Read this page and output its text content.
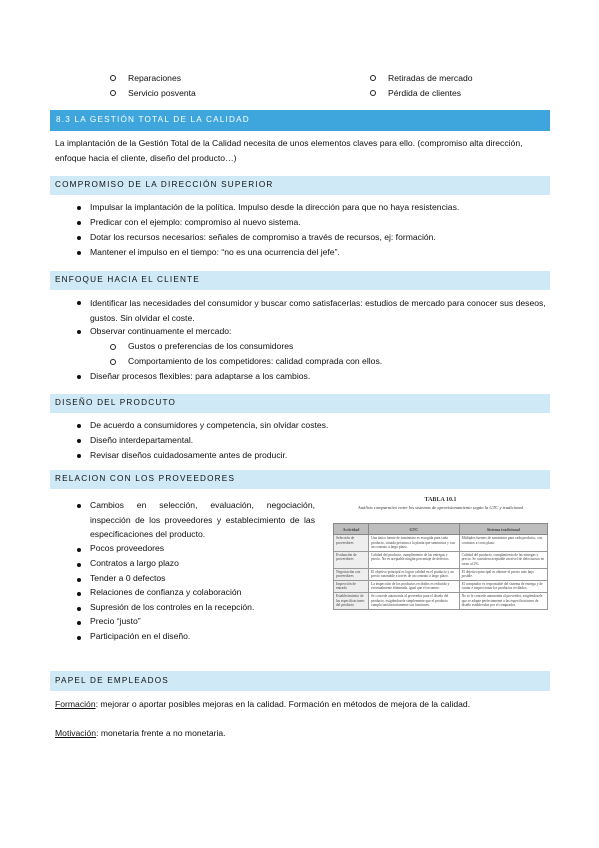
Reparaciones
Servicio posventa
Retiradas de mercado
Pérdida de clientes
8.3 LA GESTIÓN TOTAL DE LA CALIDAD
La implantación de la Gestión Total de la Calidad necesita de unos elementos claves para ello. (compromiso alta dirección, enfoque hacia el cliente, diseño del producto…)
COMPROMISO DE LA DIRECCIÓN SUPERIOR
Impulsar la implantación de la política. Impulso desde la dirección para que no haya resistencias.
Predicar con el ejemplo: compromiso al nuevo sistema.
Dotar los recursos necesarios: señales de compromiso a través de recursos, ej: formación.
Mantener el impulso en el tiempo: “no es una ocurrencia del jefe”.
ENFOQUE HACIA EL CLIENTE
Identificar las necesidades del consumidor y buscar como satisfacerlas: estudios de mercado para conocer sus deseos, gustos. Sin olvidar el coste.
Observar continuamente el mercado:
Gustos o preferencias de los consumidores
Comportamiento de los competidores: calidad comprada con ellos.
Diseñar procesos flexibles: para adaptarse a los cambios.
DISEÑO DEL PRODCUTO
De acuerdo a consumidores y competencia, sin olvidar costes.
Diseño interdepartamental.
Revisar diseños cuidadosamente antes de producir.
RELACION CON LOS PROVEEDORES
Cambios en selección, evaluación, negociación, inspección de los proveedores y establecimiento de las especificaciones del producto.
Pocos proveedores
Contratos a largo plazo
Tender a 0 defectos
Relaciones de confianza y colaboración
Supresión de los controles en la recepción.
Precio “justo”
Participación en el diseño.
TABLA 10.1
Análisis comparativo entre los sistemas de aprovisionamiento según la GTC y tradicional
Actividad	GTC	Sistema tradicional
Selección de proveedores	Una única fuente de suministro es escogida para cada producto, situada próxima a la planta que suministra y con un contrato a largo plazo.	Múltiples fuentes de suministro para cada producto, con contratos a corto plazo.
Evaluación de proveedores	Calidad del producto, cumplimiento de las entregas y precio. No es aceptable ningún porcentaje de defectos.	Calidad del producto, cumplimiento de las entregas y precio. Se considera aceptable un nivel de defectuosos en torno al 2%.
Negociación con proveedores	El objetivo principal es lograr calidad en el producto y un precio razonable a través de un contrato a largo plazo.	El objetivo principal es obtener el precio más bajo posible.
Inspección de entrada	La inspección de los productos recibidos es reducida y eventualmente eliminada, igual que el recuento.	El comprador es responsable del sistema de entrega y de contar e inspeccionar los productos recibidos.
Establecimiento de las especificaciones del producto	Se concede autonomía al proveedor para el diseño del producto, exigiéndosele simplemente que el producto cumpla satisfactoriamente sus funciones.	No se le concede autonomía al proveedor, exigiéndosele que se adapte perfectamente a las especificaciones de diseño establecidas por el comprador.
PAPEL DE EMPLEADOS
Formación: mejorar o aportar posibles mejoras en la calidad. Formación en métodos de mejora de la calidad.
Motivación: monetaria frente a no monetaria.
